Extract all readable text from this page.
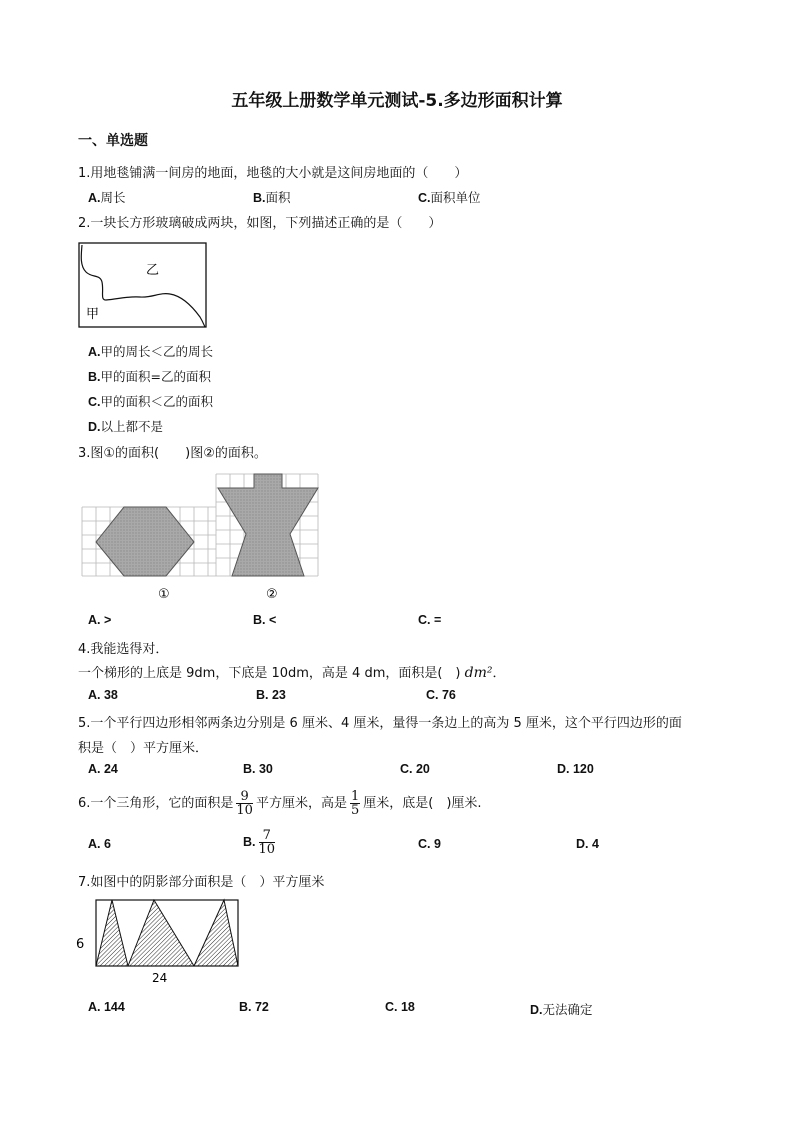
五年级上册数学单元测试-5.多边形面积计算
一、单选题
1.用地毯铺满一间房的地面，地毯的大小就是这间房地面的（　　）
A.周长	B.面积	C.面积单位
2.一块长方形玻璃破成两块，如图，下列描述正确的是（　　）
乙
甲
A.甲的周长＜乙的周长
B.甲的面积=乙的面积
C.甲的面积＜乙的面积
D.以上都不是
3.图①的面积(　　)图②的面积。
①	②
A. >	B. <	C. =
4.我能选得对．
一个梯形的上底是 9dm，下底是 10dm，高是 4 dm，面积是(　) dm²．
A. 38	B. 23	C. 76
5.一个平行四边形相邻两条边分别是 6 厘米、4 厘米，量得一条边上的高为 5 厘米，这个平行四边形的面
积是（　）平方厘米．
A. 24	B. 30	C. 20	D. 120
6.一个三角形，它的面积是 $\frac{9}{10}$ 平方厘米，高是 $\frac{1}{5}$ 厘米，底是(　)厘米.
A. 6	B. $\frac{7}{10}$	C. 9	D. 4
7.如图中的阴影部分面积是（　）平方厘米
6
24
A. 144	B. 72	C. 18	D.无法确定
